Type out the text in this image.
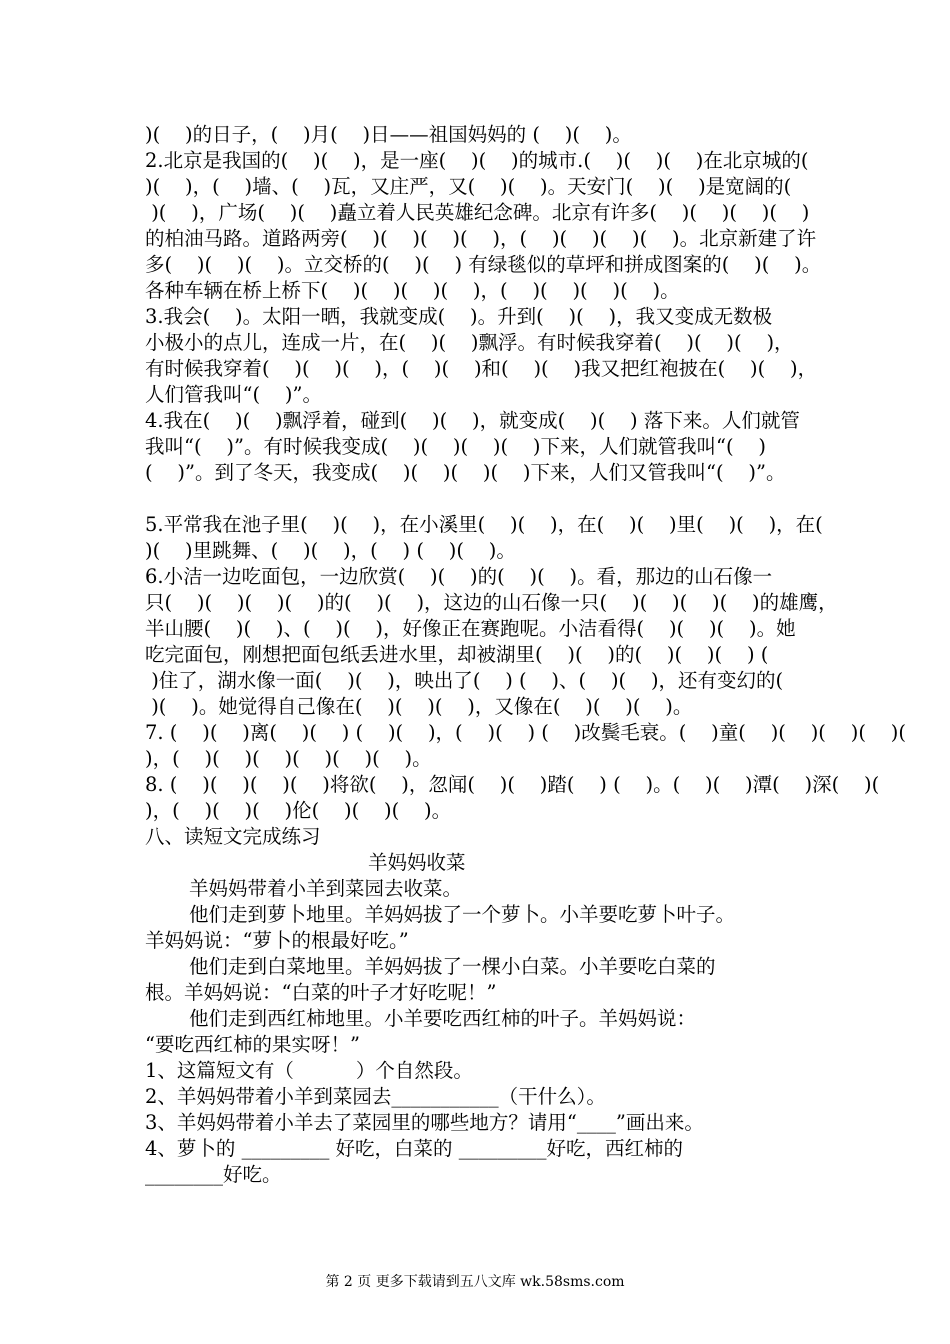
)(    )的日子，(    )月(    )日——祖国妈妈的 (    )(    )。
2.北京是我国的(    )(    )，是一座(    )(    )的城市.(    )(    )(    )在北京城的(
)(    )，(    )墙、(    )瓦，又庄严，又(    )(    )。天安门(    )(    )是宽阔的(
)(    )，广场(    )(    )矗立着人民英雄纪念碑。北京有许多(    )(    )(    )(    )
的柏油马路。道路两旁(    )(    )(    )(    )，(    )(    )(    )(    )。北京新建了许
多(    )(    )(    )。立交桥的(    )(    ) 有绿毯似的草坪和拼成图案的(    )(    )。
各种车辆在桥上桥下(    )(    )(    )(    )，(    )(    )(    )(    )。
3.我会(    )。太阳一晒，我就变成(    )。升到(    )(    )，我又变成无数极
小极小的点儿，连成一片，在(    )(    )飘浮。有时候我穿着(    )(    )(    )，
有时候我穿着(    )(    )(    )，(    )(    )和(    )(    )我又把红袍披在(    )(    )，
人们管我叫“(    )”。
4.我在(    )(    )飘浮着，碰到(    )(    )，就变成(    )(    ) 落下来。人们就管
我叫“(    )”。有时候我变成(    )(    )(    )(    )下来，人们就管我叫“(    )
(    )”。到了冬天，我变成(    )(    )(    )(    )下来，人们又管我叫“(    )”。
5.平常我在池子里(    )(    )，在小溪里(    )(    )，在(    )(    )里(    )(    )，在(
)(    )里跳舞、(    )(    )，(    ) (    )(    )。
6.小洁一边吃面包，一边欣赏(    )(    )的(    )(    )。看，那边的山石像一
只(    )(    )(    )(    )的(    )(    )，这边的山石像一只(    )(    )(    )(    )的雄鹰，
半山腰(    )(    )、(    )(    )，好像正在赛跑呢。小洁看得(    )(    )(    )。她
吃完面包，刚想把面包纸丢进水里，却被湖里(    )(    )的(    )(    )(    ) (
)住了，湖水像一面(    )(    )，映出了(    ) (    )、(    )(    )，还有变幻的(
)(    )。她觉得自己像在(    )(    )(    )，又像在(    )(    )(    )。
7. (    )(    )离(    )(    ) (    )(    )，(    )(    ) (    )改鬓毛衰。(    )童(    )(    )(    )(    )(
)，(    )(    )(    )(    )(    )(    )。
8. (    )(    )(    )(    )将欲(    )，忽闻(    )(    )踏(    ) (    )。(    )(    )潭(    )深(    )(
)，(    )(    )(    )伦(    )(    )(    )。
八、读短文完成练习
羊妈妈收菜
羊妈妈带着小羊到菜园去收菜。
他们走到萝卜地里。羊妈妈拔了一个萝卜。小羊要吃萝卜叶子。
羊妈妈说：“萝卜的根最好吃。”
他们走到白菜地里。羊妈妈拔了一棵小白菜。小羊要吃白菜的
根。羊妈妈说：“白菜的叶子才好吃呢！”
他们走到西红柿地里。小羊要吃西红柿的叶子。羊妈妈说：
“要吃西红柿的果实呀！”
1、这篇短文有（          ）个自然段。
2、羊妈妈带着小羊到菜园去___________（干什么）。
3、羊妈妈带着小羊去了菜园里的哪些地方？请用“____”画出来。
4、萝卜的 _________ 好吃，白菜的 _________好吃，西红柿的
________好吃。
第 2 页 更多下载请到五八文库 wk.58sms.com
